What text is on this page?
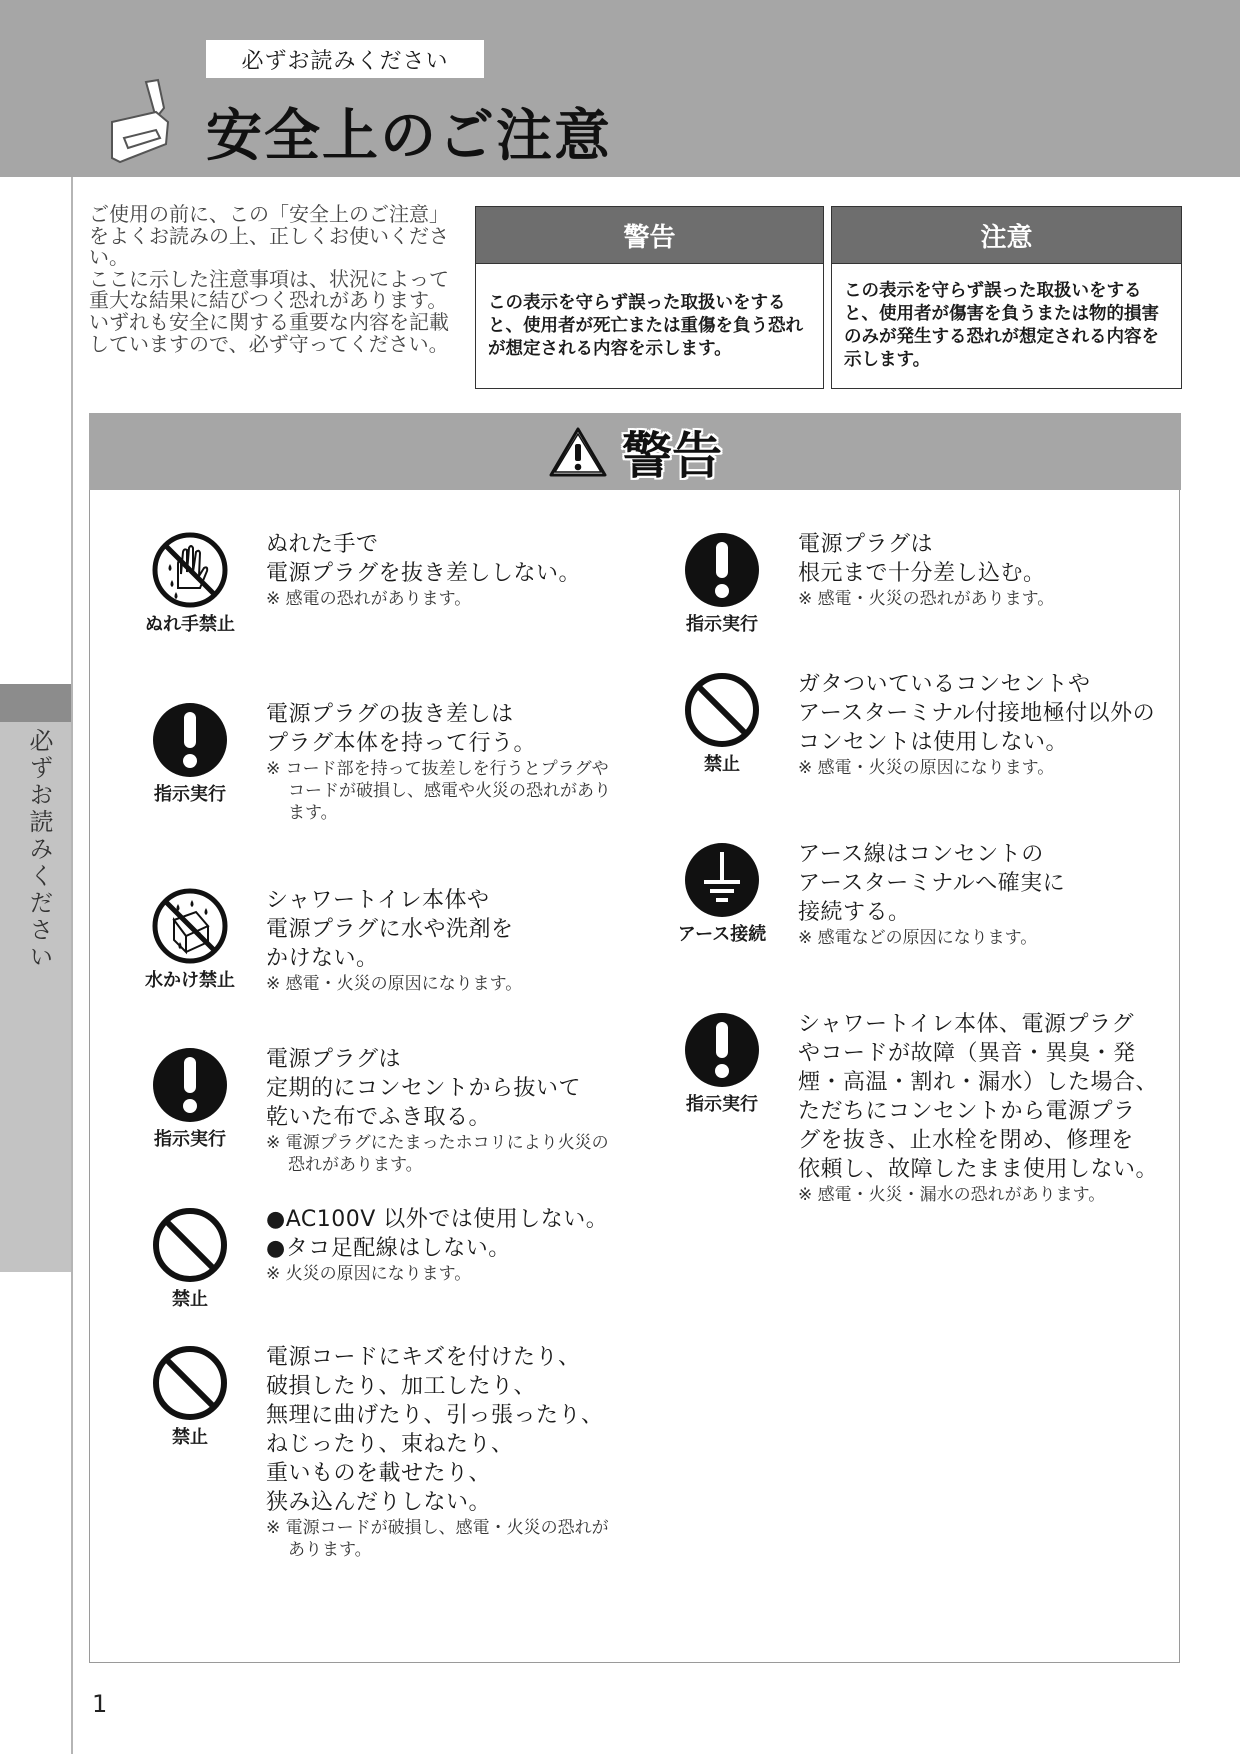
必ずお読みください
安全上のご注意
必ずお読みください

ご使用の前に、この「安全上のご注意」をよくお読みの上、正しくお使いください。

ここに示した注意事項は、状況によって重大な結果に結びつく恐れがあります。いずれも安全に関する重要な内容を記載していますので、必ず守ってください。

警告
この表示を守らず誤った取扱いをすると、使用者が死亡または重傷を負う恐れが想定される内容を示します。
注意
この表示を守らず誤った取扱いをすると、使用者が傷害を負うまたは物的損害のみが発生する恐れが想定される内容を示します。
警告
ぬれ手禁止
ぬれた手で
電源プラグを抜き差ししない。
※ 感電の恐れがあります。
指示実行
電源プラグの抜き差しは
プラグ本体を持って行う。
※ コード部を持って抜差しを行うとプラグやコードが破損し、感電や火災の恐れがあります。
水かけ禁止
シャワートイレ本体や
電源プラグに水や洗剤を
かけない。
※ 感電・火災の原因になります。
指示実行
電源プラグは
定期的にコンセントから抜いて
乾いた布でふき取る。
※ 電源プラグにたまったホコリにより火災の恐れがあります。
禁止
●AC100V 以外では使用しない。
●タコ足配線はしない。
※ 火災の原因になります。
禁止
電源コードにキズを付けたり、
破損したり、加工したり、
無理に曲げたり、引っ張ったり、
ねじったり、束ねたり、
重いものを載せたり、
狭み込んだりしない。
※ 電源コードが破損し、感電・火災の恐れがあります。
指示実行
電源プラグは
根元まで十分差し込む。
※ 感電・火災の恐れがあります。
禁止
ガタついているコンセントや
アースターミナル付接地極付以外の
コンセントは使用しない。
※ 感電・火災の原因になります。
アース接続
アース線はコンセントの
アースターミナルへ確実に
接続する。
※ 感電などの原因になります。
指示実行
シャワートイレ本体、電源プラグ
やコードが故障（異音・異臭・発
煙・高温・割れ・漏水）した場合、
ただちにコンセントから電源プラ
グを抜き、止水栓を閉め、修理を
依頼し、故障したまま使用しない。
※ 感電・火災・漏水の恐れがあります。
1
